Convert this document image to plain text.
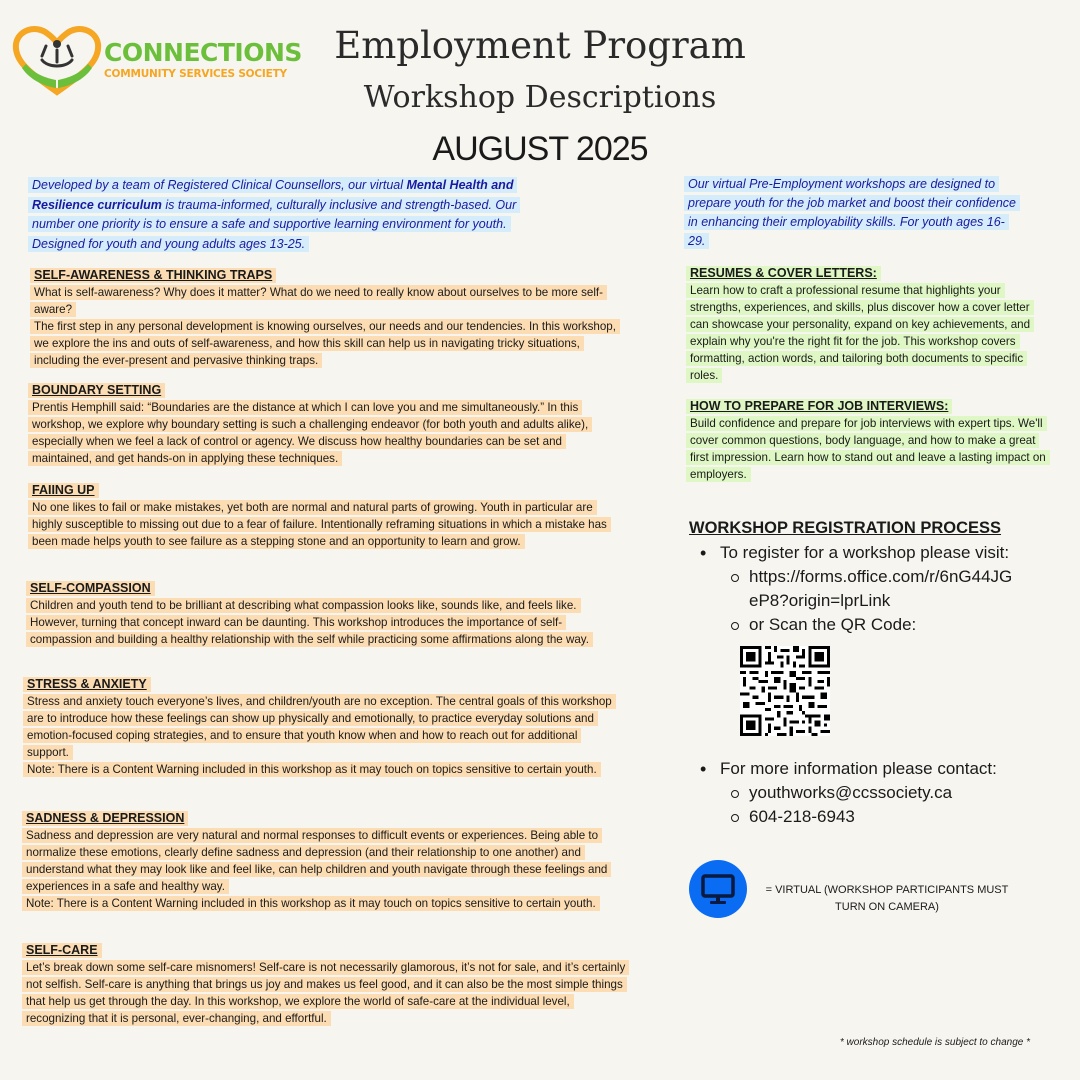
CONNECTIONS
COMMUNITY SERVICES SOCIETY
Employment Program
Workshop Descriptions
AUGUST 2025
Developed by a team of Registered Clinical Counsellors, our virtual Mental Health and Resilience curriculum is trauma-informed, culturally inclusive and strength-based. Our number one priority is to ensure a safe and supportive learning environment for youth. Designed for youth and young adults ages 13-25.
Our virtual Pre-Employment workshops are designed to prepare youth for the job market and boost their confidence in enhancing their employability skills. For youth ages 16-29.
SELF-AWARENESS & THINKING TRAPS
What is self-awareness? Why does it matter? What do we need to really know about ourselves to be more self-aware?
The first step in any personal development is knowing ourselves, our needs and our tendencies. In this workshop, we explore the ins and outs of self-awareness, and how this skill can help us in navigating tricky situations, including the ever-present and pervasive thinking traps.
BOUNDARY SETTING
Prentis Hemphill said: “Boundaries are the distance at which I can love you and me simultaneously.” In this workshop, we explore why boundary setting is such a challenging endeavor (for both youth and adults alike), especially when we feel a lack of control or agency. We discuss how healthy boundaries can be set and maintained, and get hands-on in applying these techniques.
FAIING UP
No one likes to fail or make mistakes, yet both are normal and natural parts of growing. Youth in particular are highly susceptible to missing out due to a fear of failure. Intentionally reframing situations in which a mistake has been made helps youth to see failure as a stepping stone and an opportunity to learn and grow.
SELF-COMPASSION
Children and youth tend to be brilliant at describing what compassion looks like, sounds like, and feels like. However, turning that concept inward can be daunting. This workshop introduces the importance of self-compassion and building a healthy relationship with the self while practicing some affirmations along the way.
STRESS & ANXIETY
Stress and anxiety touch everyone’s lives, and children/youth are no exception. The central goals of this workshop are to introduce how these feelings can show up physically and emotionally, to practice everyday solutions and emotion-focused coping strategies, and to ensure that youth know when and how to reach out for additional support.
Note: There is a Content Warning included in this workshop as it may touch on topics sensitive to certain youth.
SADNESS & DEPRESSION
Sadness and depression are very natural and normal responses to difficult events or experiences. Being able to normalize these emotions, clearly define sadness and depression (and their relationship to one another) and understand what they may look like and feel like, can help children and youth navigate through these feelings and experiences in a safe and healthy way.
Note: There is a Content Warning included in this workshop as it may touch on topics sensitive to certain youth.
SELF-CARE
Let’s break down some self-care misnomers! Self-care is not necessarily glamorous, it’s not for sale, and it’s certainly not selfish. Self-care is anything that brings us joy and makes us feel good, and it can also be the most simple things that help us get through the day. In this workshop, we explore the world of safe-care at the individual level, recognizing that it is personal, ever-changing, and effortful.
RESUMES & COVER LETTERS:
Learn how to craft a professional resume that highlights your strengths, experiences, and skills, plus discover how a cover letter can showcase your personality, expand on key achievements, and explain why you're the right fit for the job. This workshop covers formatting, action words, and tailoring both documents to specific roles.
HOW TO PREPARE FOR JOB INTERVIEWS:
Build confidence and prepare for job interviews with expert tips. We'll cover common questions, body language, and how to make a great first impression. Learn how to stand out and leave a lasting impact on employers.
WORKSHOP REGISTRATION PROCESS
• To register for a workshop please visit:
https://forms.office.com/r/6nG44JG
eP8?origin=lprLink
or Scan the QR Code:
• For more information please contact:
youthworks@ccssociety.ca
604-218-6943
= VIRTUAL (WORKSHOP PARTICIPANTS MUST
TURN ON CAMERA)
* workshop schedule is subject to change *
